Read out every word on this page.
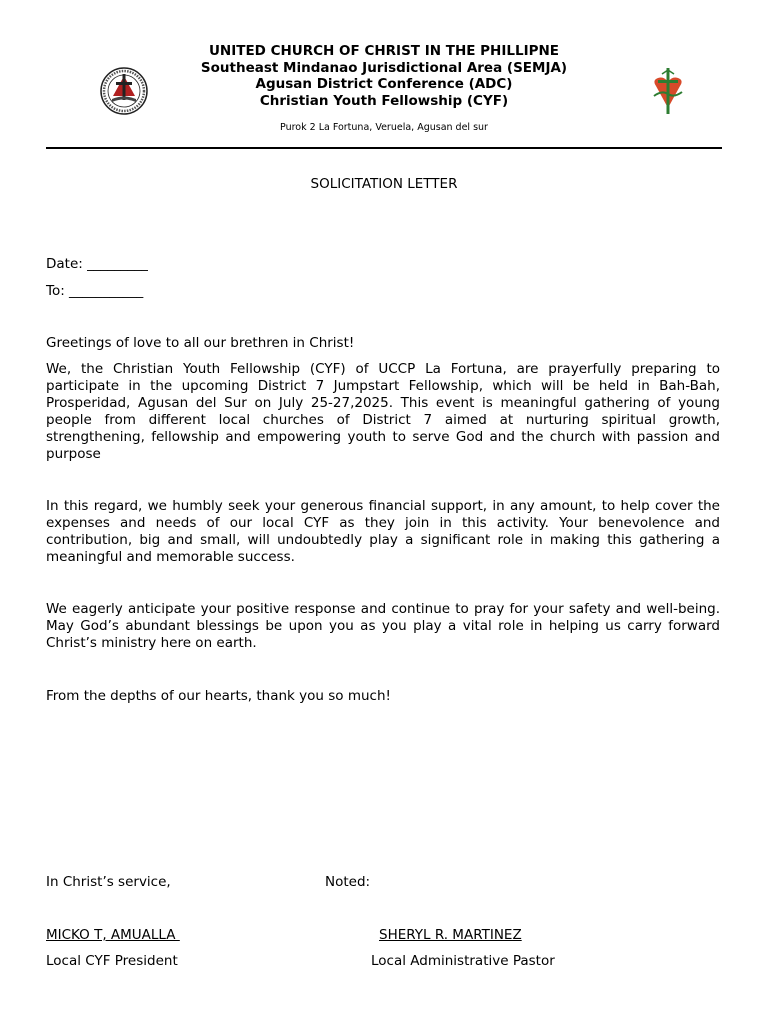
UNITED CHURCH OF CHRIST IN THE PHILLIPNE
Southeast Mindanao Jurisdictional Area (SEMJA)
Agusan District Conference (ADC)
Christian Youth Fellowship (CYF)
Purok 2 La Fortuna, Veruela, Agusan del sur
SOLICITATION LETTER
Date: _________
To: ___________

Greetings of love to all our brethren in Christ!

We, the Christian Youth Fellowship (CYF) of UCCP La Fortuna, are prayerfully preparing to participate in the upcoming District 7 Jumpstart Fellowship, which will be held in Bah-Bah, Prosperidad, Agusan del Sur on July 25-27,2025. This event is meaningful gathering of young people from different local churches of District 7 aimed at nurturing spiritual growth, strengthening, fellowship and empowering youth to serve God and the church with passion and purpose

In this regard, we humbly seek your generous financial support, in any amount, to help cover the expenses and needs of our local CYF as they join in this activity. Your benevolence and contribution, big and small, will undoubtedly play a significant role in making this gathering a meaningful and memorable success.

We eagerly anticipate your positive response and continue to pray for your safety and well-being. May God’s abundant blessings be upon you as you play a vital role in helping us carry forward Christ’s ministry here on earth.

From the depths of our hearts, thank you so much!

In Christ’s service,	Noted:
MICKO T, AMUALLA	SHERYL R. MARTINEZ
Local CYF President	Local Administrative Pastor
